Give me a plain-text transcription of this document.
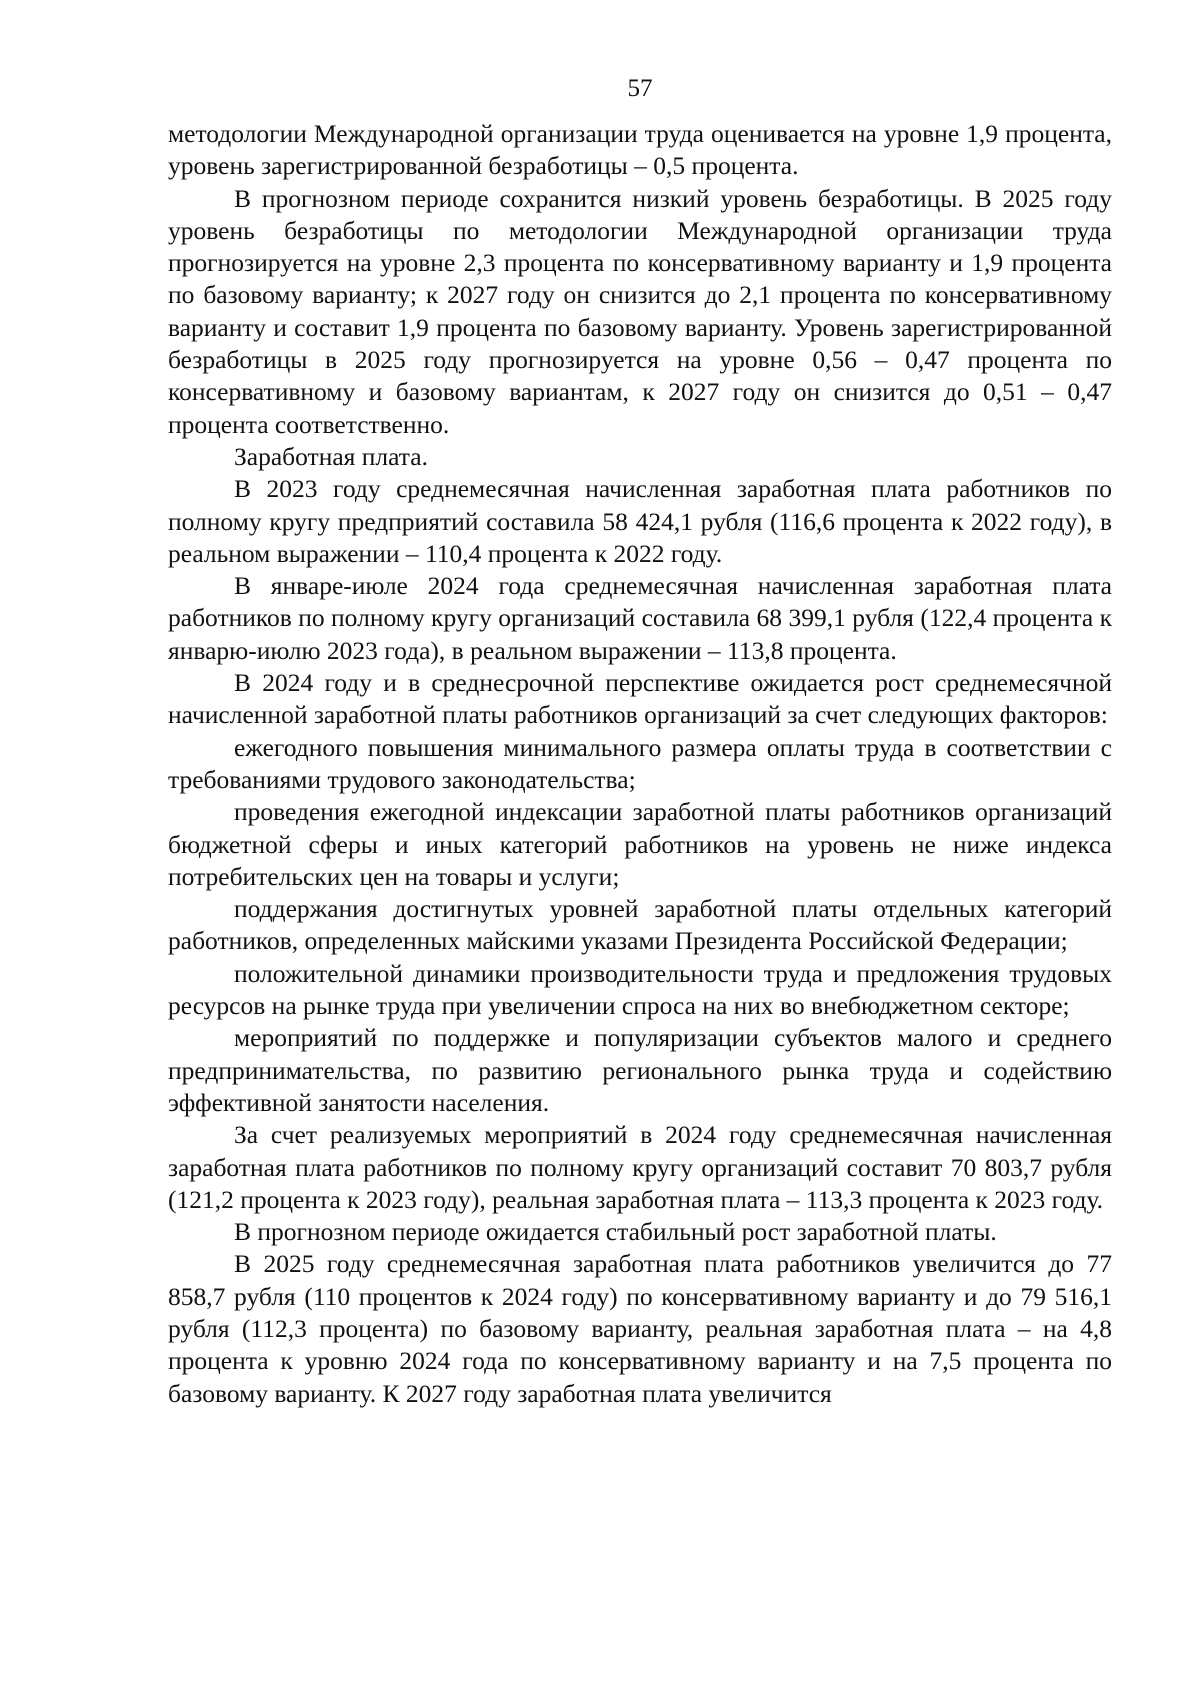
57

методологии Международной организации труда оценивается на уровне 1,9 процента, уровень зарегистрированной безработицы – 0,5 процента.

В прогнозном периоде сохранится низкий уровень безработицы. В 2025 году уровень безработицы по методологии Международной организации труда прогнозируется на уровне 2,3 процента по консервативному варианту и 1,9 процента по базовому варианту; к 2027 году он снизится до 2,1 процента по консервативному варианту и составит 1,9 процента по базовому варианту. Уровень зарегистрированной безработицы в 2025 году прогнозируется на уровне 0,56 – 0,47 процента по консервативному и базовому вариантам, к 2027 году он снизится до 0,51 – 0,47 процента соответственно.

Заработная плата.

В 2023 году среднемесячная начисленная заработная плата работников по полному кругу предприятий составила 58 424,1 рубля (116,6 процента к 2022 году), в реальном выражении – 110,4 процента к 2022 году.

В январе-июле 2024 года среднемесячная начисленная заработная плата работников по полному кругу организаций составила 68 399,1 рубля (122,4 процента к январю-июлю 2023 года), в реальном выражении – 113,8 процента.

В 2024 году и в среднесрочной перспективе ожидается рост среднемесячной начисленной заработной платы работников организаций за счет следующих факторов:

ежегодного повышения минимального размера оплаты труда в соответствии с требованиями трудового законодательства;

проведения ежегодной индексации заработной платы работников организаций бюджетной сферы и иных категорий работников на уровень не ниже индекса потребительских цен на товары и услуги;

поддержания достигнутых уровней заработной платы отдельных категорий работников, определенных майскими указами Президента Российской Федерации;

положительной динамики производительности труда и предложения трудовых ресурсов на рынке труда при увеличении спроса на них во внебюджетном секторе;

мероприятий по поддержке и популяризации субъектов малого и среднего предпринимательства, по развитию регионального рынка труда и содействию эффективной занятости населения.

За счет реализуемых мероприятий в 2024 году среднемесячная начисленная заработная плата работников по полному кругу организаций составит 70 803,7 рубля (121,2 процента к 2023 году), реальная заработная плата – 113,3 процента к 2023 году.

В прогнозном периоде ожидается стабильный рост заработной платы.

В 2025 году среднемесячная заработная плата работников увеличится до 77 858,7 рубля (110 процентов к 2024 году) по консервативному варианту и до 79 516,1 рубля (112,3 процента) по базовому варианту, реальная заработная плата – на 4,8 процента к уровню 2024 года по консервативному варианту и на 7,5 процента по базовому варианту. К 2027 году заработная плата увеличится
